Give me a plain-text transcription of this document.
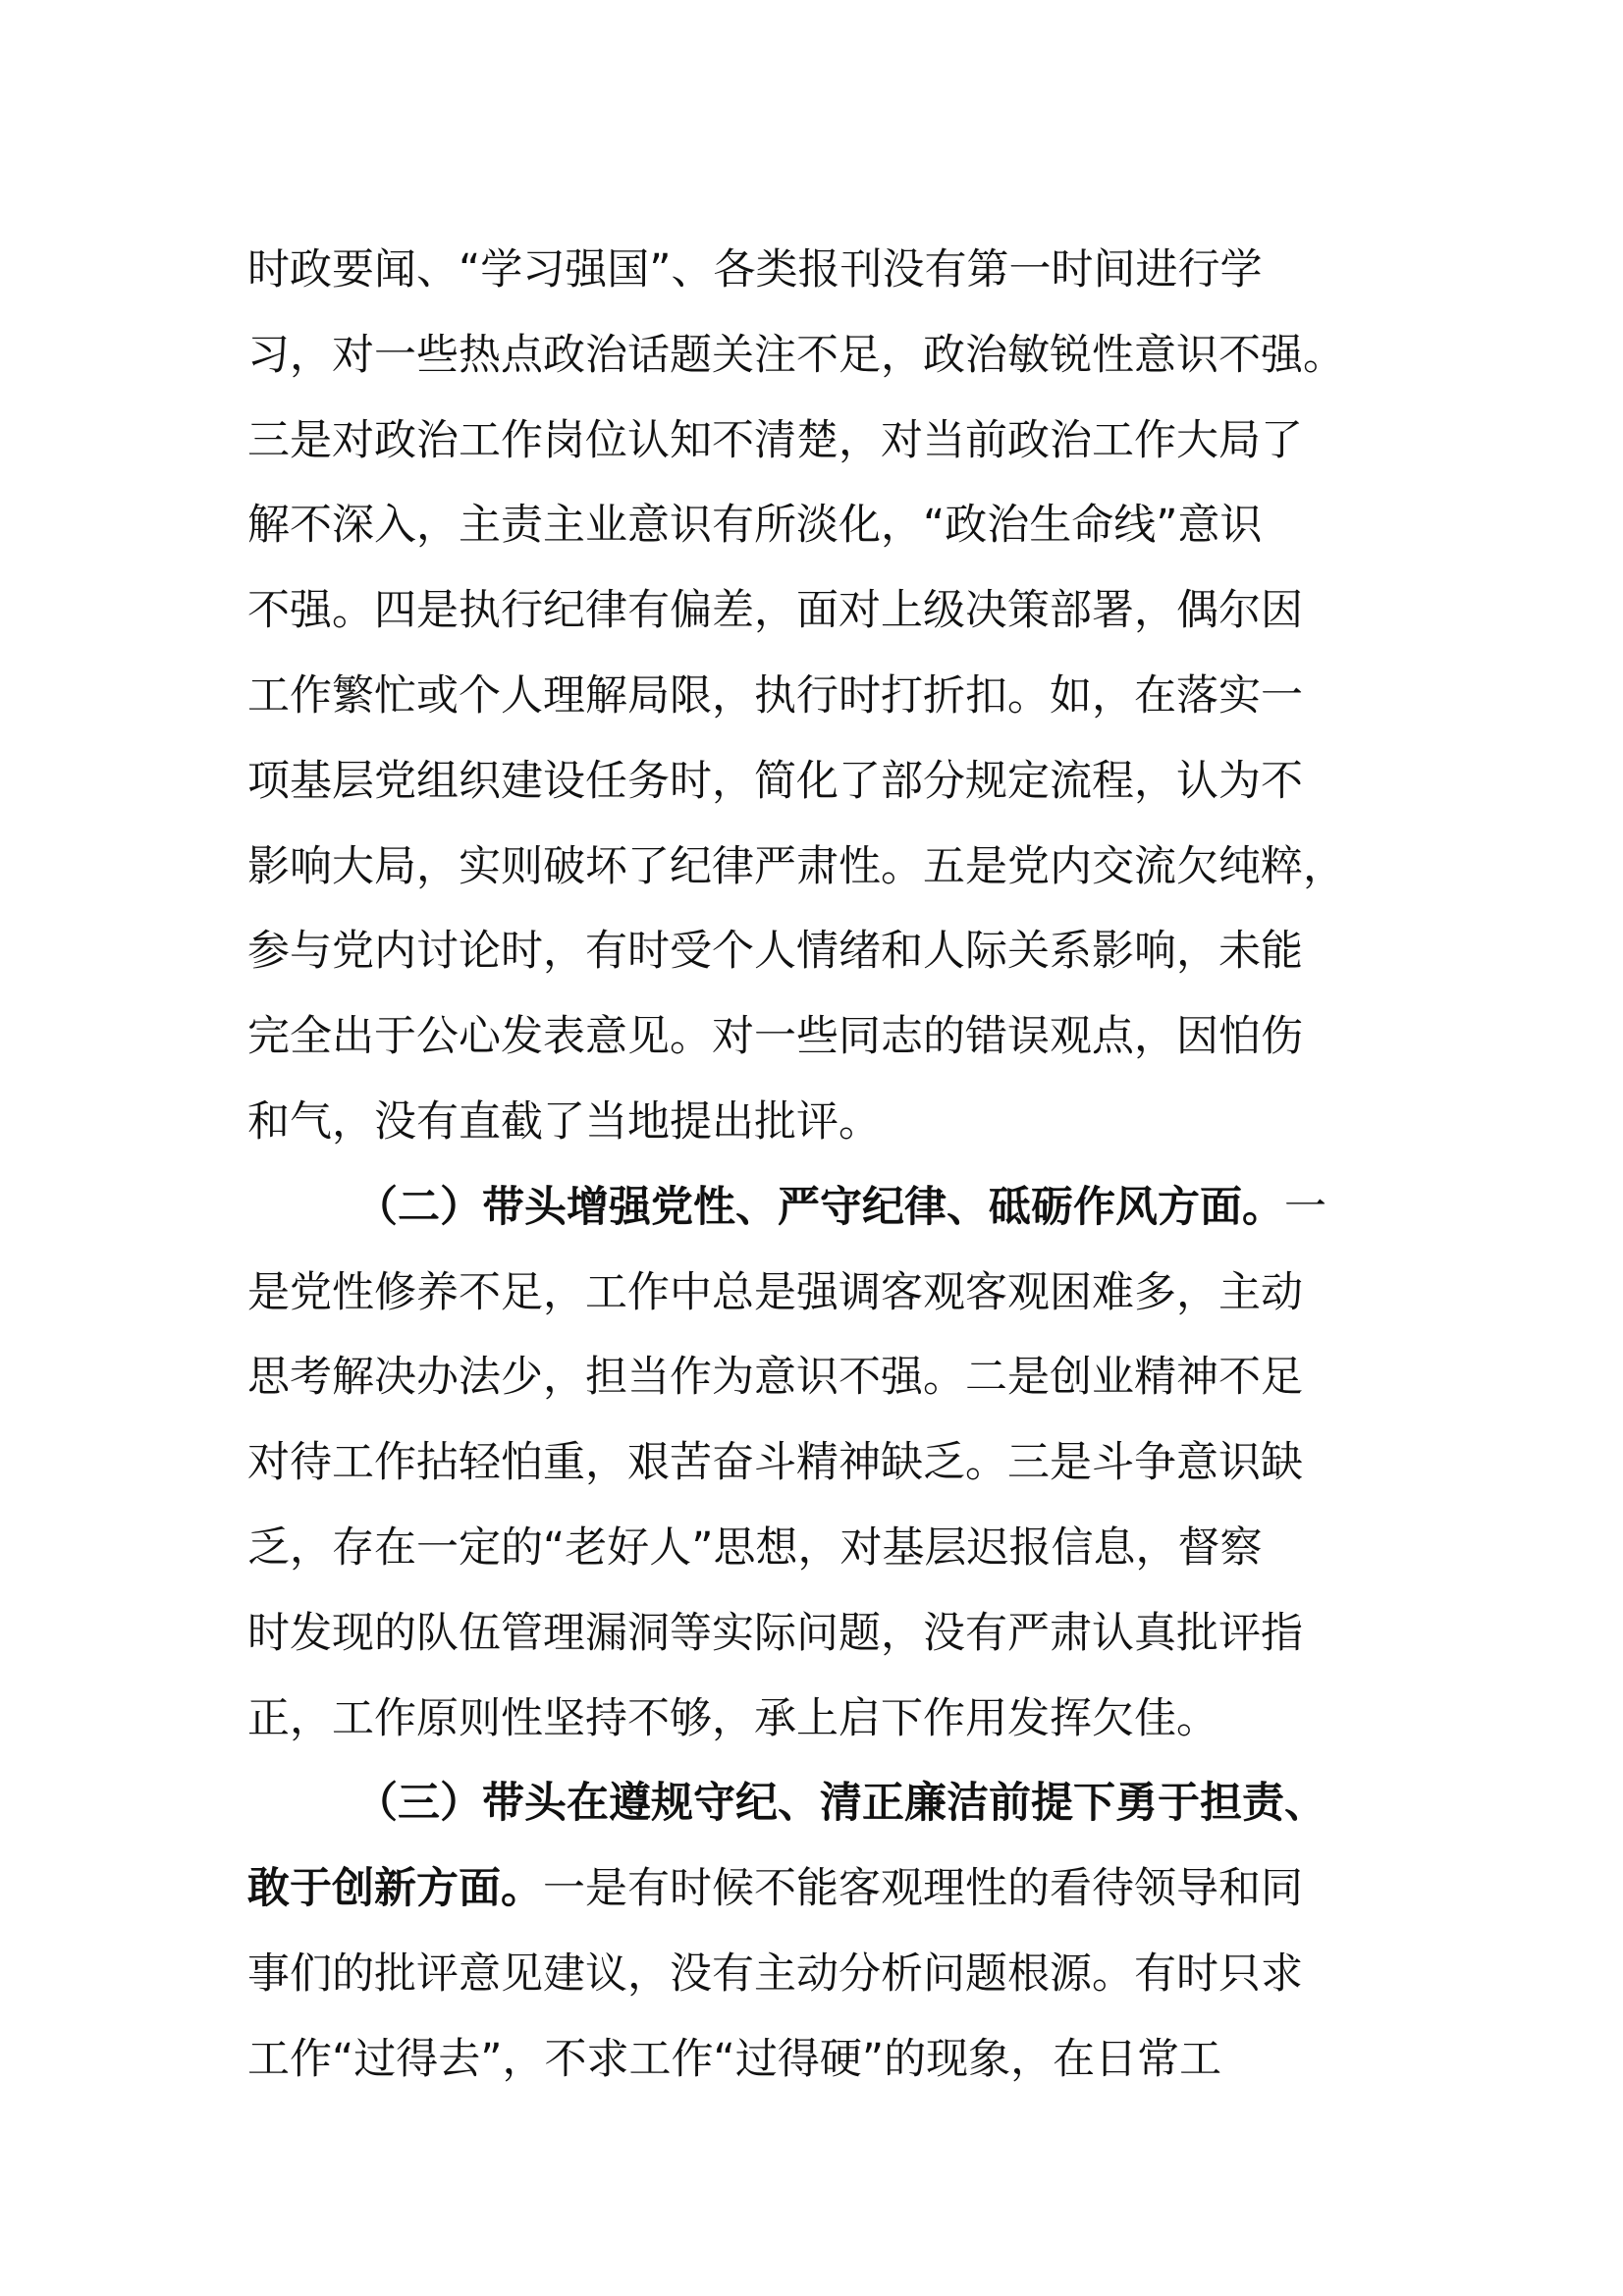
时政要闻、“学习强国”、各类报刊没有第一时间进行学
习，对一些热点政治话题关注不足，政治敏锐性意识不强。
三是对政治工作岗位认知不清楚，对当前政治工作大局了
解不深入，主责主业意识有所淡化，“政治生命线”意识
不强。四是执行纪律有偏差，面对上级决策部署，偶尔因
工作繁忙或个人理解局限，执行时打折扣。如，在落实一
项基层党组织建设任务时，简化了部分规定流程，认为不
影响大局，实则破坏了纪律严肃性。五是党内交流欠纯粹，
参与党内讨论时，有时受个人情绪和人际关系影响，未能
完全出于公心发表意见。对一些同志的错误观点，因怕伤
和气，没有直截了当地提出批评。
（二）带头增强党性、严守纪律、砥砺作风方面。一
是党性修养不足，工作中总是强调客观客观困难多，主动
思考解决办法少，担当作为意识不强。二是创业精神不足
对待工作拈轻怕重，艰苦奋斗精神缺乏。三是斗争意识缺
乏，存在一定的“老好人”思想，对基层迟报信息，督察
时发现的队伍管理漏洞等实际问题，没有严肃认真批评指
正，工作原则性坚持不够，承上启下作用发挥欠佳。
（三）带头在遵规守纪、清正廉洁前提下勇于担责、
敢于创新方面。一是有时候不能客观理性的看待领导和同
事们的批评意见建议，没有主动分析问题根源。有时只求
工作“过得去”，不求工作“过得硬”的现象，在日常工
